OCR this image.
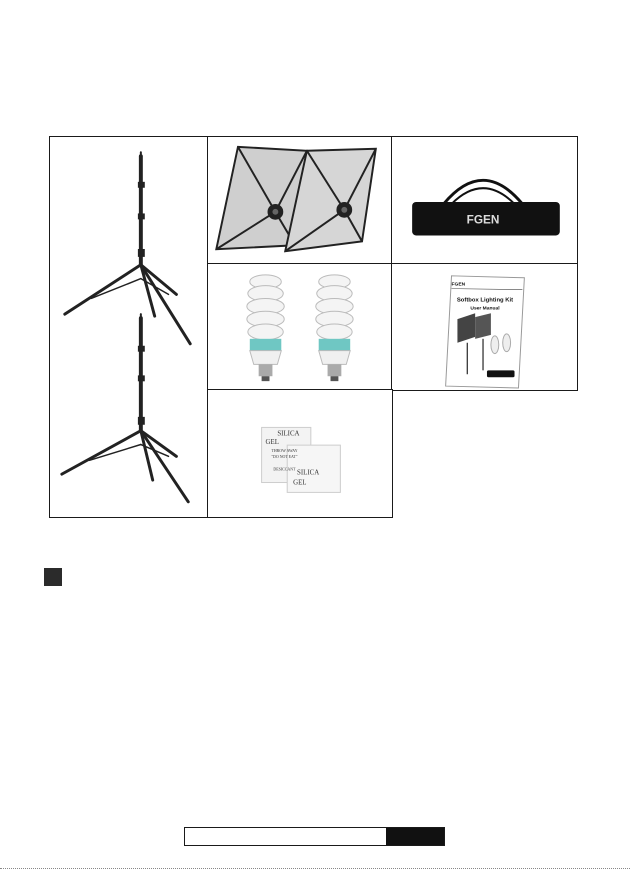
FGEN
FGEN
Softbox Lighting Kit
User Manual
SILICA
GEL
THROW AWAY
"DO NOT EAT"
DESICCANT
SILICA
GEL
